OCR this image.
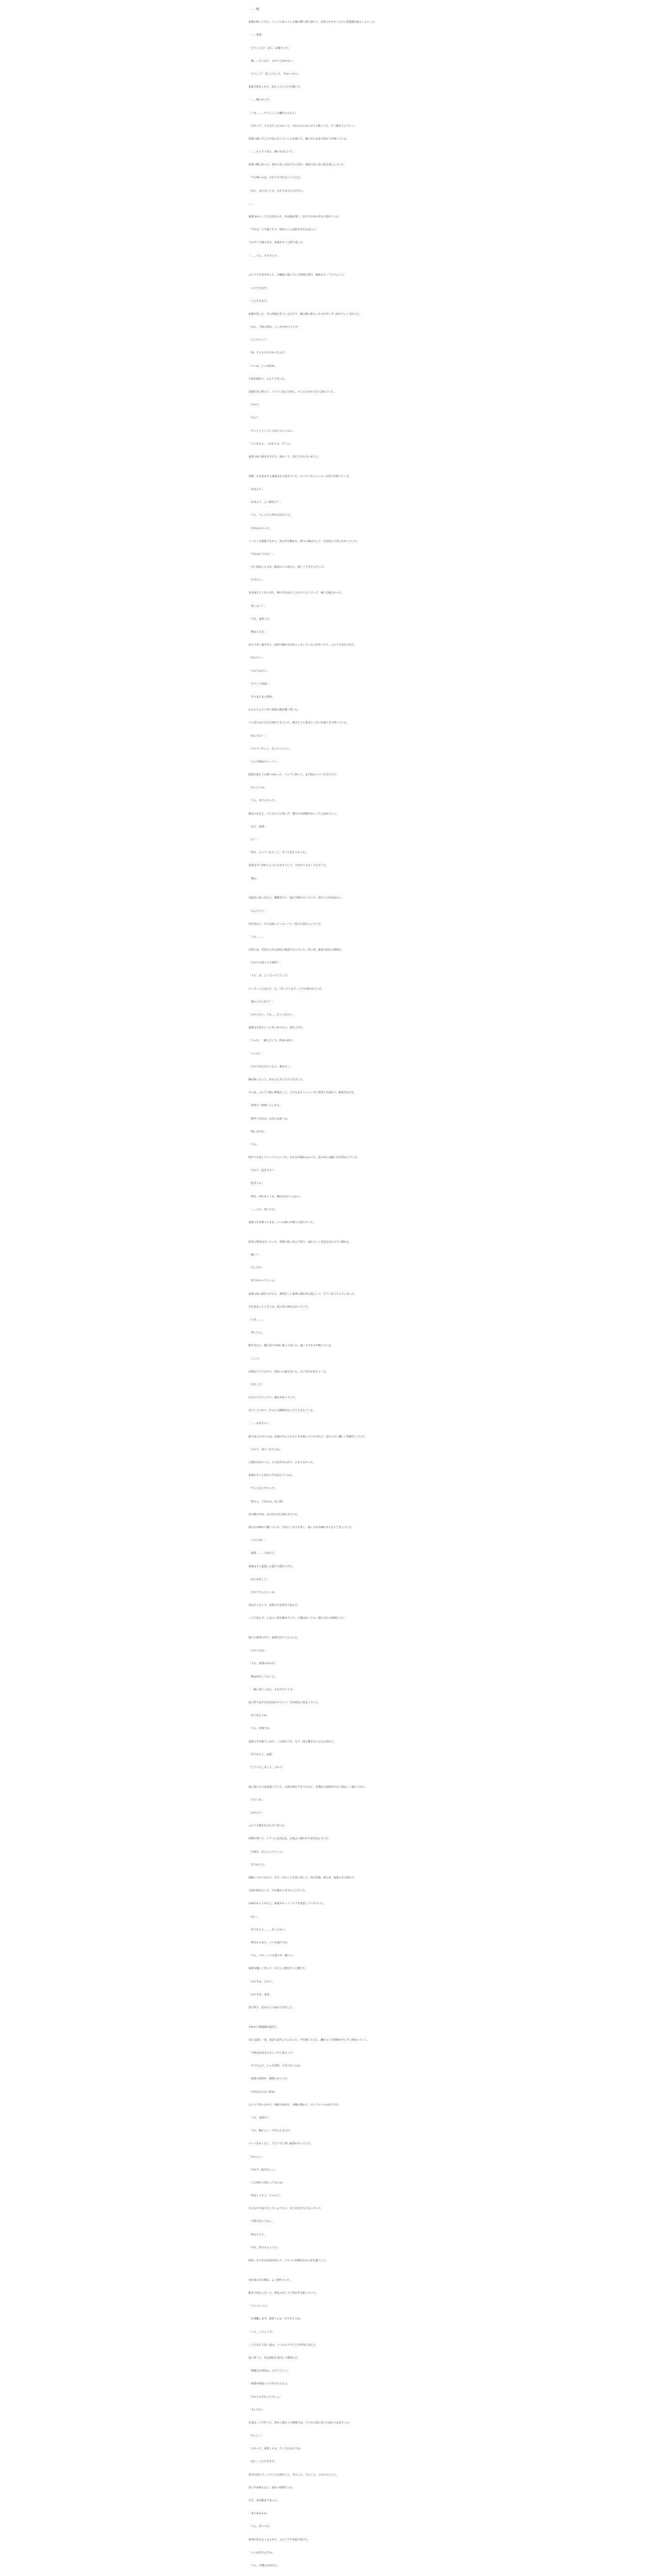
「……嘘」

家賃が帰ってきた。ベッドに座っている俺の横へ滑り落ちて、羽毛のオオカミの子に電話線を握ることにした。

「……家賃」

「どうしたの？ ほら、お腹空いた」

「俺……やっぱり、ひかりと歩かない」

「どうして？ 気にしないで、今はいいから」

家賃を抱きしめて、涙をこらえて口を開いた。

「……俺のせいだ」

「いま、……すぐにここを離れたんだよ」

「それって、大丈夫だったのかって、やれたんだねとガチャ鳴ってさ。すぐ後をついていく」

家賃の顔に少しだけ光のさしていくのを感じた。俺の手にはまだ温もりが残っている。

「……もうすぐ来る、俺のそばにいて」

家賃の隣に座った。窓から差し込む夕方の光が、部屋の床に長い影を落としていた。

「でも怖いのは、ひかりを守れないことだよ」

「ほら、また泣いてる。ひかりは大丈夫だから」

……

家賃はゆっくりと息を吐いた。外は風が強く、窓ガラスがかすかに揺れている。

「今日は二人で過ごそう。明日のことは明日考えればいい」

うなずいた俺の手を、家賃がそっと握り返した。

「……うん。ありがとう」

ふたりで夕食を作った。冷蔵庫に残っていた野菜と卵で、簡単なスープとオムレツ。

「いただきます」

「いただきます」

家賃が笑った。その笑顔を見ているだけで、胸の奥の重たいものが少しずつ溶けていく気がした。

「ねえ、今度の休み、どこか出かけようか」

「どこがいい？」

「海。ずっと行きたかったんだ」

「いいね。じゃあ約束」

小指を絡めて、ふたりで笑った。

食器を洗い終えて、ソファに並んで座る。テレビの音が小さく流れていた。

「ひかり」

「なに？」

「ずっとこうしていられたらいいのに」

「いられるよ。これからも、ずっと」

家賃の肩に頭をあずけた。温かくて、安心できる匂いがした。

翌朝、目を覚ますと家賃はもう起きていた。キッチンからコーヒーの香りが漂ってくる。

「おはよう」

「おはよう。よく眠れた？」

「うん。久しぶりに夢も見なかった」

「それはよかった」

トーストを頬張りながら、窓の外を眺める。昨日の風はやんで、空は澄んだ青に広がっていた。

「今日はどうする？」

「少し散歩しようか。駅前のパン屋さん、新しくできたんだって」

「行きたい」

身支度をして外へ出た。朝の空気は少しひんやりとしていて、頬に心地よかった。

「寒くない？」

「平気。家賃こそ」

「俺は大丈夫」

並んで歩く道すがら、近所の猫が日向ぼっこをしているのを見つけて、ふたりで足を止めた。

「かわいい」

「ひかりみたい」

「どういう意味？」

「そのまんまの意味」

からかうように笑う家賃の腕を軽く叩いた。

パン屋には小さな行列ができていた。焼きたての香ばしい匂いが通りまで漂っている。

「何にする？」

「クロワッサンと、あとメロンパン」

「じゃあ俺はカレーパン」

紙袋を抱えて公園へ向かった。ベンチに座って、まだ温かいパンを分け合う。

「おいしいね」

「うん。来てよかった」

噴水の水音と、子どもたちの笑い声。穏やかな時間がゆっくりと流れていく。

「ねえ、家賃」

「ん？」

「昨日、言ってくれたこと。ずっと覚えておくね」

家賃は少し照れたように目をそらして、それから小さくうなずいた。

「俺も」

昼過ぎに家へ戻ると、郵便受けに一通の手紙が入っていた。差出人の名前はない。

「なんだろう」

封を切ると、中には短いメッセージと一枚の写真が入っていた。

「これ……」

写真には、見覚えのある海辺の風景が写っていた。幼い頃、家族で訪れた場所だ。

「ひかりの知ってる場所？」

「うん。昔、よく行ってたところ」

メッセージにはただ一言、「待っています」とだけ書かれていた。

「誰からだと思う？」

「わからない。でも……行ってみたい」

家賃は写真をじっと見つめてから、顔を上げた。

「じゃあ、一緒に行こう。約束の海だ」

「いいの？」

「ひかりが行きたいなら、俺も行く」

胸が熱くなって、何も言えずにただうなずいた。

その夜、ふたりで旅の準備をした。小さなボストンバッグに着替えを詰めて、地図を広げる。

「電車で三時間くらいかな」

「朝早く出れば、お昼には着くね」

「楽しみだな」

「うん」

明かりを消してベッドに入っても、なかなか眠れなかった。窓の外には細い月が浮かんでいる。

「ひかり、起きてる？」

「起きてる」

「明日、何があっても、俺はそばにいるから」

「……うん。知ってる」

家賃の手を握ったまま、いつの間にか眠りに落ちていた。

始発の電車は空いていた。窓際の席に並んで座り、流れていく景色をぼんやりと眺める。

「眠い？」

「少しだけ」

「寄りかかっていいよ」

家賃の肩に頭をのせると、規則正しい電車の揺れが心地よくて、すぐにまどろんでしまった。

目を覚ましたときには、窓の外に海が広がっていた。

「わあ……」

「着いたよ」

駅を出ると、潮の香りが風に乗って届いた。遠くでカモメが鳴いている。

「こっち」

記憶をたどりながら、海沿いの道を歩いた。白い灯台が見えてくる。

「あそこだ」

灯台の下のベンチに、誰かが座っていた。

近づくにつれて、その人の横顔がはっきりと見えてくる。

「……お母さん？」

振り返ったその人は、記憶の中よりも少し年を取っていたけれど、変わらない優しい笑顔をしていた。

「ひかり。来てくれたのね」

言葉が出なかった。ただ涙があふれて、止まらなかった。

家賃がそっと背中に手を添えてくれる。

「ずっと会いたかった」

「私もよ。ごめんね、長い間」

母の腕の中は、あの頃と同じ温かさだった。

波の音が静かに響いている。空はどこまでも青く、遠くの水平線がきらきらと光っていた。

「この人は？」

「家賃。……大切な人」

家賃は少し緊張した様子で頭を下げた。

「はじめまして」

「ひかりをよろしくね」

母はそう言って、家賃の手を両手で包んだ。

三人で並んで、しばらく海を眺めていた。言葉はなくても、満たされた時間だった。

帰りの電車の中で、家賃がぽつりと言った。

「よかったね」

「うん。家賃のおかげ」

「俺は何もしてないよ」

「一緒に来てくれた。それだけで十分」

窓の外では夕日が沈みかけていて、空が茜色に染まっていた。

「また来ようね」

「うん。何度でも」

家賃の手を握りしめた。この温もりを、もう二度と離さないと心に決めて。

「ありがとう、家賃」

「どういたしまして、ひかり」

家に着いたのは夜遅くだった。玄関の明かりをつけると、見慣れた部屋がやけに愛おしく感じられた。

「ただいま」

「おかえり」

ふたりで顔を見合わせて笑った。

荷物を置いて、ソファに沈み込む。心地よい疲れが全身を包んでいた。

「お風呂、先に入っていいよ」

「ありがとう」

湯船につかりながら、今日一日のことを思い返した。母の笑顔、海の青、家賃の手の温もり。

全部が夢みたいで、でも確かに本当のことだった。

お風呂から上がると、家賃がホットミルクを用意してくれていた。

「はい」

「ありがとう。……あったかい」

「明日からまた、いつも通りだね」

「うん。でも、いつも通りが一番いい」

家賃は優しく笑って、わたしの髪をそっと撫でた。

「おやすみ、ひかり」

「おやすみ、家賃」

窓の外で、星がひとつ流れた気がした。

それから数週間が過ぎた。

母とは週に一度、電話で話すようになった。声を聞くたびに、離れていた時間が少しずつ埋まっていく。

「今度はお母さんがこっちに来るって」

「そうなんだ。じゃあ部屋、片付けないとね」

「家賃の部屋が一番散らかってる」

「それは言わない約束」

ふたりで笑いながら、掃除を始めた。本棚の奥から、古いアルバムが出てきた。

「これ、家賃の？」

「うわ、懐かしい。中学のときのだ」

ページをめくると、今より少し幼い家賃が写っていた。

「かわいい」

「やめて、恥ずかしい」

「この頃から変わってないね」

「成長してるよ、ちゃんと」

そんなやり取りをしているうちに、気づけば夕方になっていた。

「全然片付いてない」

「明日やろう」

「それ、昨日も言ってた」

結局、その日は出前を取って、アルバムを眺めながら夜を過ごした。

母が来る日の朝は、よく晴れていた。

駅まで迎えに行くと、改札の向こうで母が手を振っていた。

「いらっしゃい」

「お邪魔します。家賃くんも、ありがとうね」

「いえ、こちらこそ」

三人で並んで歩く道は、いつもより少しだけ特別に見えた。

家に着くと、母は部屋を見回して微笑んだ。

「素敵なお部屋ね。ふたりらしい」

「家賃が頑張って片付けたんだよ」

「ひかりも手伝ったでしょ」

「少しだけ」

昼食は三人で作った。母から教わった卵焼きは、子どもの頃に食べた味そのままだった。

「おいしい」

「よかった。家賃くんも、たくさん食べてね」

「はい、いただきます」

食卓を囲んで、いろいろな話をした。昔のこと、今のこと、これからのこと。

笑い声が絶えない、温かい時間だった。

夕方、母を駅まで送った。

「また来るわね」

「うん。待ってる」

電車が見えなくなるまで、ふたりで手を振り続けた。

「いいお母さんだね」

「うん。自慢のお母さん」
